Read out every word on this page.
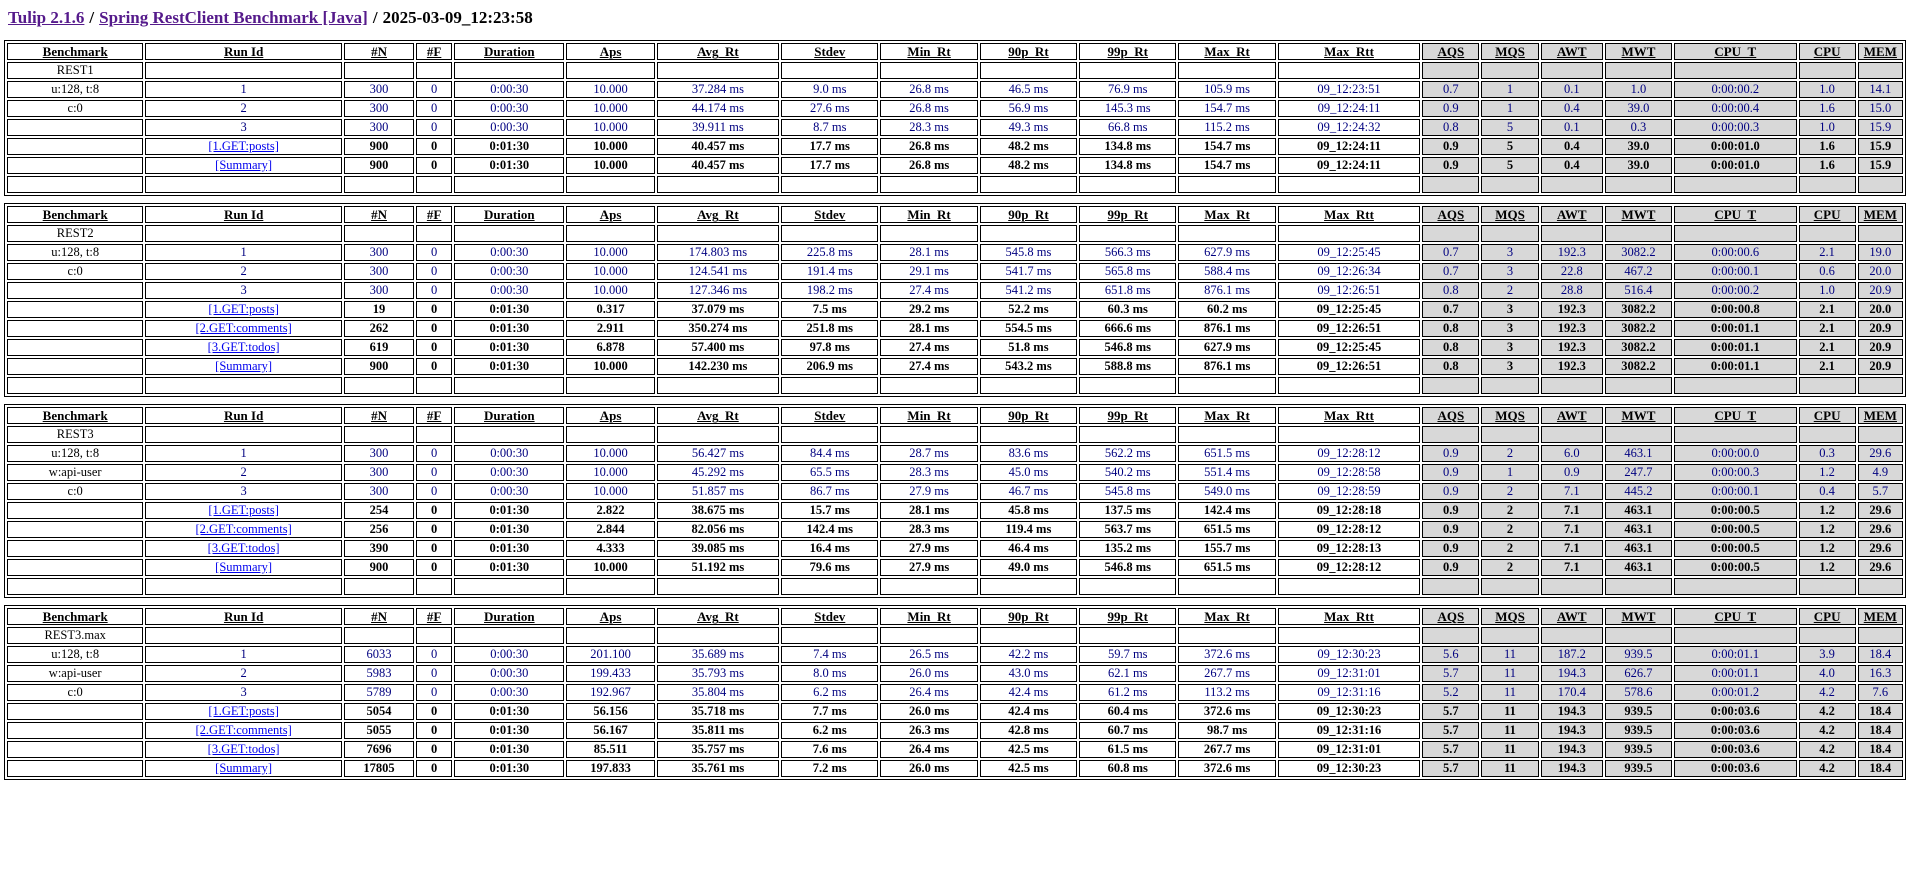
Tulip 2.1.6 / Spring RestClient Benchmark [Java] / 2025-03-09_12:23:58
Benchmark	Run Id	#N	#F	Duration	Aps	Avg_Rt	Stdev	Min_Rt	90p_Rt	99p_Rt	Max_Rt	Max_Rtt	AQS	MQS	AWT	MWT	CPU_T	CPU	MEM
REST1																			
u:128, t:8	1	300	0	0:00:30	10.000	37.284 ms	9.0 ms	26.8 ms	46.5 ms	76.9 ms	105.9 ms	09_12:23:51	0.7	1	0.1	1.0	0:00:00.2	1.0	14.1
c:0	2	300	0	0:00:30	10.000	44.174 ms	27.6 ms	26.8 ms	56.9 ms	145.3 ms	154.7 ms	09_12:24:11	0.9	1	0.4	39.0	0:00:00.4	1.6	15.0
	3	300	0	0:00:30	10.000	39.911 ms	8.7 ms	28.3 ms	49.3 ms	66.8 ms	115.2 ms	09_12:24:32	0.8	5	0.1	0.3	0:00:00.3	1.0	15.9
	[1.GET:posts]	900	0	0:01:30	10.000	40.457 ms	17.7 ms	26.8 ms	48.2 ms	134.8 ms	154.7 ms	09_12:24:11	0.9	5	0.4	39.0	0:00:01.0	1.6	15.9
	[Summary]	900	0	0:01:30	10.000	40.457 ms	17.7 ms	26.8 ms	48.2 ms	134.8 ms	154.7 ms	09_12:24:11	0.9	5	0.4	39.0	0:00:01.0	1.6	15.9

Benchmark	Run Id	#N	#F	Duration	Aps	Avg_Rt	Stdev	Min_Rt	90p_Rt	99p_Rt	Max_Rt	Max_Rtt	AQS	MQS	AWT	MWT	CPU_T	CPU	MEM
REST2																			
u:128, t:8	1	300	0	0:00:30	10.000	174.803 ms	225.8 ms	28.1 ms	545.8 ms	566.3 ms	627.9 ms	09_12:25:45	0.7	3	192.3	3082.2	0:00:00.6	2.1	19.0
c:0	2	300	0	0:00:30	10.000	124.541 ms	191.4 ms	29.1 ms	541.7 ms	565.8 ms	588.4 ms	09_12:26:34	0.7	3	22.8	467.2	0:00:00.1	0.6	20.0
	3	300	0	0:00:30	10.000	127.346 ms	198.2 ms	27.4 ms	541.2 ms	651.8 ms	876.1 ms	09_12:26:51	0.8	2	28.8	516.4	0:00:00.2	1.0	20.9
	[1.GET:posts]	19	0	0:01:30	0.317	37.079 ms	7.5 ms	29.2 ms	52.2 ms	60.3 ms	60.2 ms	09_12:25:45	0.7	3	192.3	3082.2	0:00:00.8	2.1	20.0
	[2.GET:comments]	262	0	0:01:30	2.911	350.274 ms	251.8 ms	28.1 ms	554.5 ms	666.6 ms	876.1 ms	09_12:26:51	0.8	3	192.3	3082.2	0:00:01.1	2.1	20.9
	[3.GET:todos]	619	0	0:01:30	6.878	57.400 ms	97.8 ms	27.4 ms	51.8 ms	546.8 ms	627.9 ms	09_12:25:45	0.8	3	192.3	3082.2	0:00:01.1	2.1	20.9
	[Summary]	900	0	0:01:30	10.000	142.230 ms	206.9 ms	27.4 ms	543.2 ms	588.8 ms	876.1 ms	09_12:26:51	0.8	3	192.3	3082.2	0:00:01.1	2.1	20.9

Benchmark	Run Id	#N	#F	Duration	Aps	Avg_Rt	Stdev	Min_Rt	90p_Rt	99p_Rt	Max_Rt	Max_Rtt	AQS	MQS	AWT	MWT	CPU_T	CPU	MEM
REST3																			
u:128, t:8	1	300	0	0:00:30	10.000	56.427 ms	84.4 ms	28.7 ms	83.6 ms	562.2 ms	651.5 ms	09_12:28:12	0.9	2	6.0	463.1	0:00:00.0	0.3	29.6
w:api-user	2	300	0	0:00:30	10.000	45.292 ms	65.5 ms	28.3 ms	45.0 ms	540.2 ms	551.4 ms	09_12:28:58	0.9	1	0.9	247.7	0:00:00.3	1.2	4.9
c:0	3	300	0	0:00:30	10.000	51.857 ms	86.7 ms	27.9 ms	46.7 ms	545.8 ms	549.0 ms	09_12:28:59	0.9	2	7.1	445.2	0:00:00.1	0.4	5.7
	[1.GET:posts]	254	0	0:01:30	2.822	38.675 ms	15.7 ms	28.1 ms	45.8 ms	137.5 ms	142.4 ms	09_12:28:18	0.9	2	7.1	463.1	0:00:00.5	1.2	29.6
	[2.GET:comments]	256	0	0:01:30	2.844	82.056 ms	142.4 ms	28.3 ms	119.4 ms	563.7 ms	651.5 ms	09_12:28:12	0.9	2	7.1	463.1	0:00:00.5	1.2	29.6
	[3.GET:todos]	390	0	0:01:30	4.333	39.085 ms	16.4 ms	27.9 ms	46.4 ms	135.2 ms	155.7 ms	09_12:28:13	0.9	2	7.1	463.1	0:00:00.5	1.2	29.6
	[Summary]	900	0	0:01:30	10.000	51.192 ms	79.6 ms	27.9 ms	49.0 ms	546.8 ms	651.5 ms	09_12:28:12	0.9	2	7.1	463.1	0:00:00.5	1.2	29.6

Benchmark	Run Id	#N	#F	Duration	Aps	Avg_Rt	Stdev	Min_Rt	90p_Rt	99p_Rt	Max_Rt	Max_Rtt	AQS	MQS	AWT	MWT	CPU_T	CPU	MEM
REST3.max																			
u:128, t:8	1	6033	0	0:00:30	201.100	35.689 ms	7.4 ms	26.5 ms	42.2 ms	59.7 ms	372.6 ms	09_12:30:23	5.6	11	187.2	939.5	0:00:01.1	3.9	18.4
w:api-user	2	5983	0	0:00:30	199.433	35.793 ms	8.0 ms	26.0 ms	43.0 ms	62.1 ms	267.7 ms	09_12:31:01	5.7	11	194.3	626.7	0:00:01.1	4.0	16.3
c:0	3	5789	0	0:00:30	192.967	35.804 ms	6.2 ms	26.4 ms	42.4 ms	61.2 ms	113.2 ms	09_12:31:16	5.2	11	170.4	578.6	0:00:01.2	4.2	7.6
	[1.GET:posts]	5054	0	0:01:30	56.156	35.718 ms	7.7 ms	26.0 ms	42.4 ms	60.4 ms	372.6 ms	09_12:30:23	5.7	11	194.3	939.5	0:00:03.6	4.2	18.4
	[2.GET:comments]	5055	0	0:01:30	56.167	35.811 ms	6.2 ms	26.3 ms	42.8 ms	60.7 ms	98.7 ms	09_12:31:16	5.7	11	194.3	939.5	0:00:03.6	4.2	18.4
	[3.GET:todos]	7696	0	0:01:30	85.511	35.757 ms	7.6 ms	26.4 ms	42.5 ms	61.5 ms	267.7 ms	09_12:31:01	5.7	11	194.3	939.5	0:00:03.6	4.2	18.4
	[Summary]	17805	0	0:01:30	197.833	35.761 ms	7.2 ms	26.0 ms	42.5 ms	60.8 ms	372.6 ms	09_12:30:23	5.7	11	194.3	939.5	0:00:03.6	4.2	18.4
